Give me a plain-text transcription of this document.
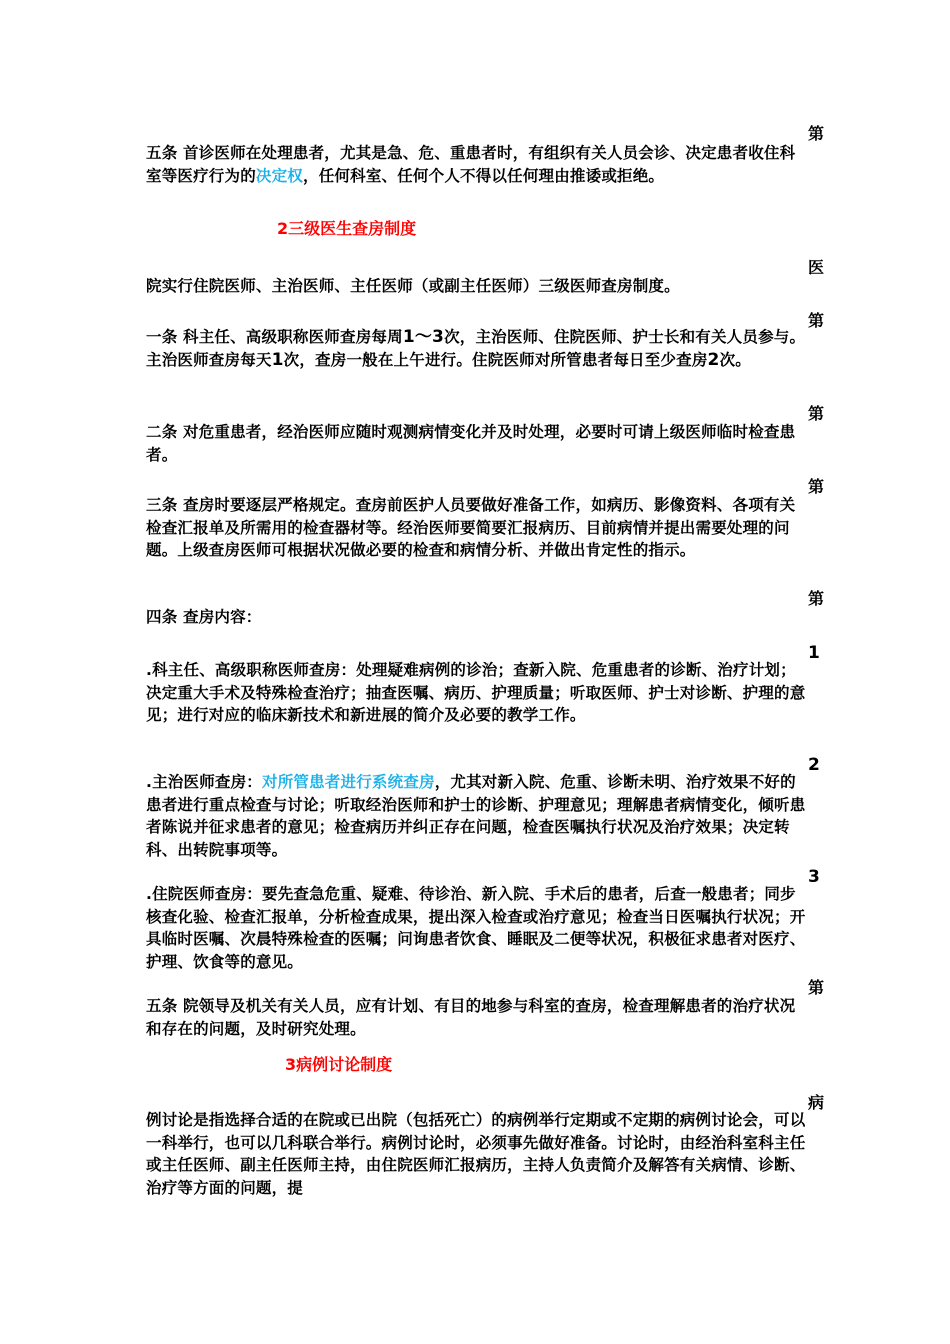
第
五条 首诊医师在处理患者，尤其是急、危、重患者时，有组织有关人员会诊、决定患者收住科室等医疗行为的决定权，任何科室、任何个人不得以任何理由推诿或拒绝。
2三级医生查房制度
医
院实行住院医师、主治医师、主任医师（或副主任医师）三级医师查房制度。
第
一条 科主任、高级职称医师查房每周1～3次，主治医师、住院医师、护士长和有关人员参与。主治医师查房每天1次，查房一般在上午进行。住院医师对所管患者每日至少查房2次。
第
二条 对危重患者，经治医师应随时观测病情变化并及时处理，必要时可请上级医师临时检查患者。
第
三条 查房时要逐层严格规定。查房前医护人员要做好准备工作，如病历、影像资料、各项有关检查汇报单及所需用的检查器材等。经治医师要简要汇报病历、目前病情并提出需要处理的问题。上级查房医师可根据状况做必要的检查和病情分析、并做出肯定性的指示。
第
四条 查房内容：
1
.科主任、高级职称医师查房：处理疑难病例的诊治；查新入院、危重患者的诊断、治疗计划；决定重大手术及特殊检查治疗；抽查医嘱、病历、护理质量；听取医师、护士对诊断、护理的意见；进行对应的临床新技术和新进展的简介及必要的教学工作。
2
.主治医师查房：对所管患者进行系统查房，尤其对新入院、危重、诊断未明、治疗效果不好的患者进行重点检查与讨论；听取经治医师和护士的诊断、护理意见；理解患者病情变化，倾听患者陈说并征求患者的意见；检查病历并纠正存在问题，检查医嘱执行状况及治疗效果；决定转科、出转院事项等。
3
.住院医师查房：要先查急危重、疑难、待诊治、新入院、手术后的患者，后查一般患者；同步核查化验、检查汇报单，分析检查成果，提出深入检查或治疗意见；检查当日医嘱执行状况；开具临时医嘱、次晨特殊检查的医嘱；问询患者饮食、睡眠及二便等状况，积极征求患者对医疗、护理、饮食等的意见。
第
五条 院领导及机关有关人员，应有计划、有目的地参与科室的查房，检查理解患者的治疗状况和存在的问题，及时研究处理。
3病例讨论制度
病
例讨论是指选择合适的在院或已出院（包括死亡）的病例举行定期或不定期的病例讨论会，可以一科举行，也可以几科联合举行。病例讨论时，必须事先做好准备。讨论时，由经治科室科主任或主任医师、副主任医师主持，由住院医师汇报病历，主持人负责简介及解答有关病情、诊断、治疗等方面的问题，提
